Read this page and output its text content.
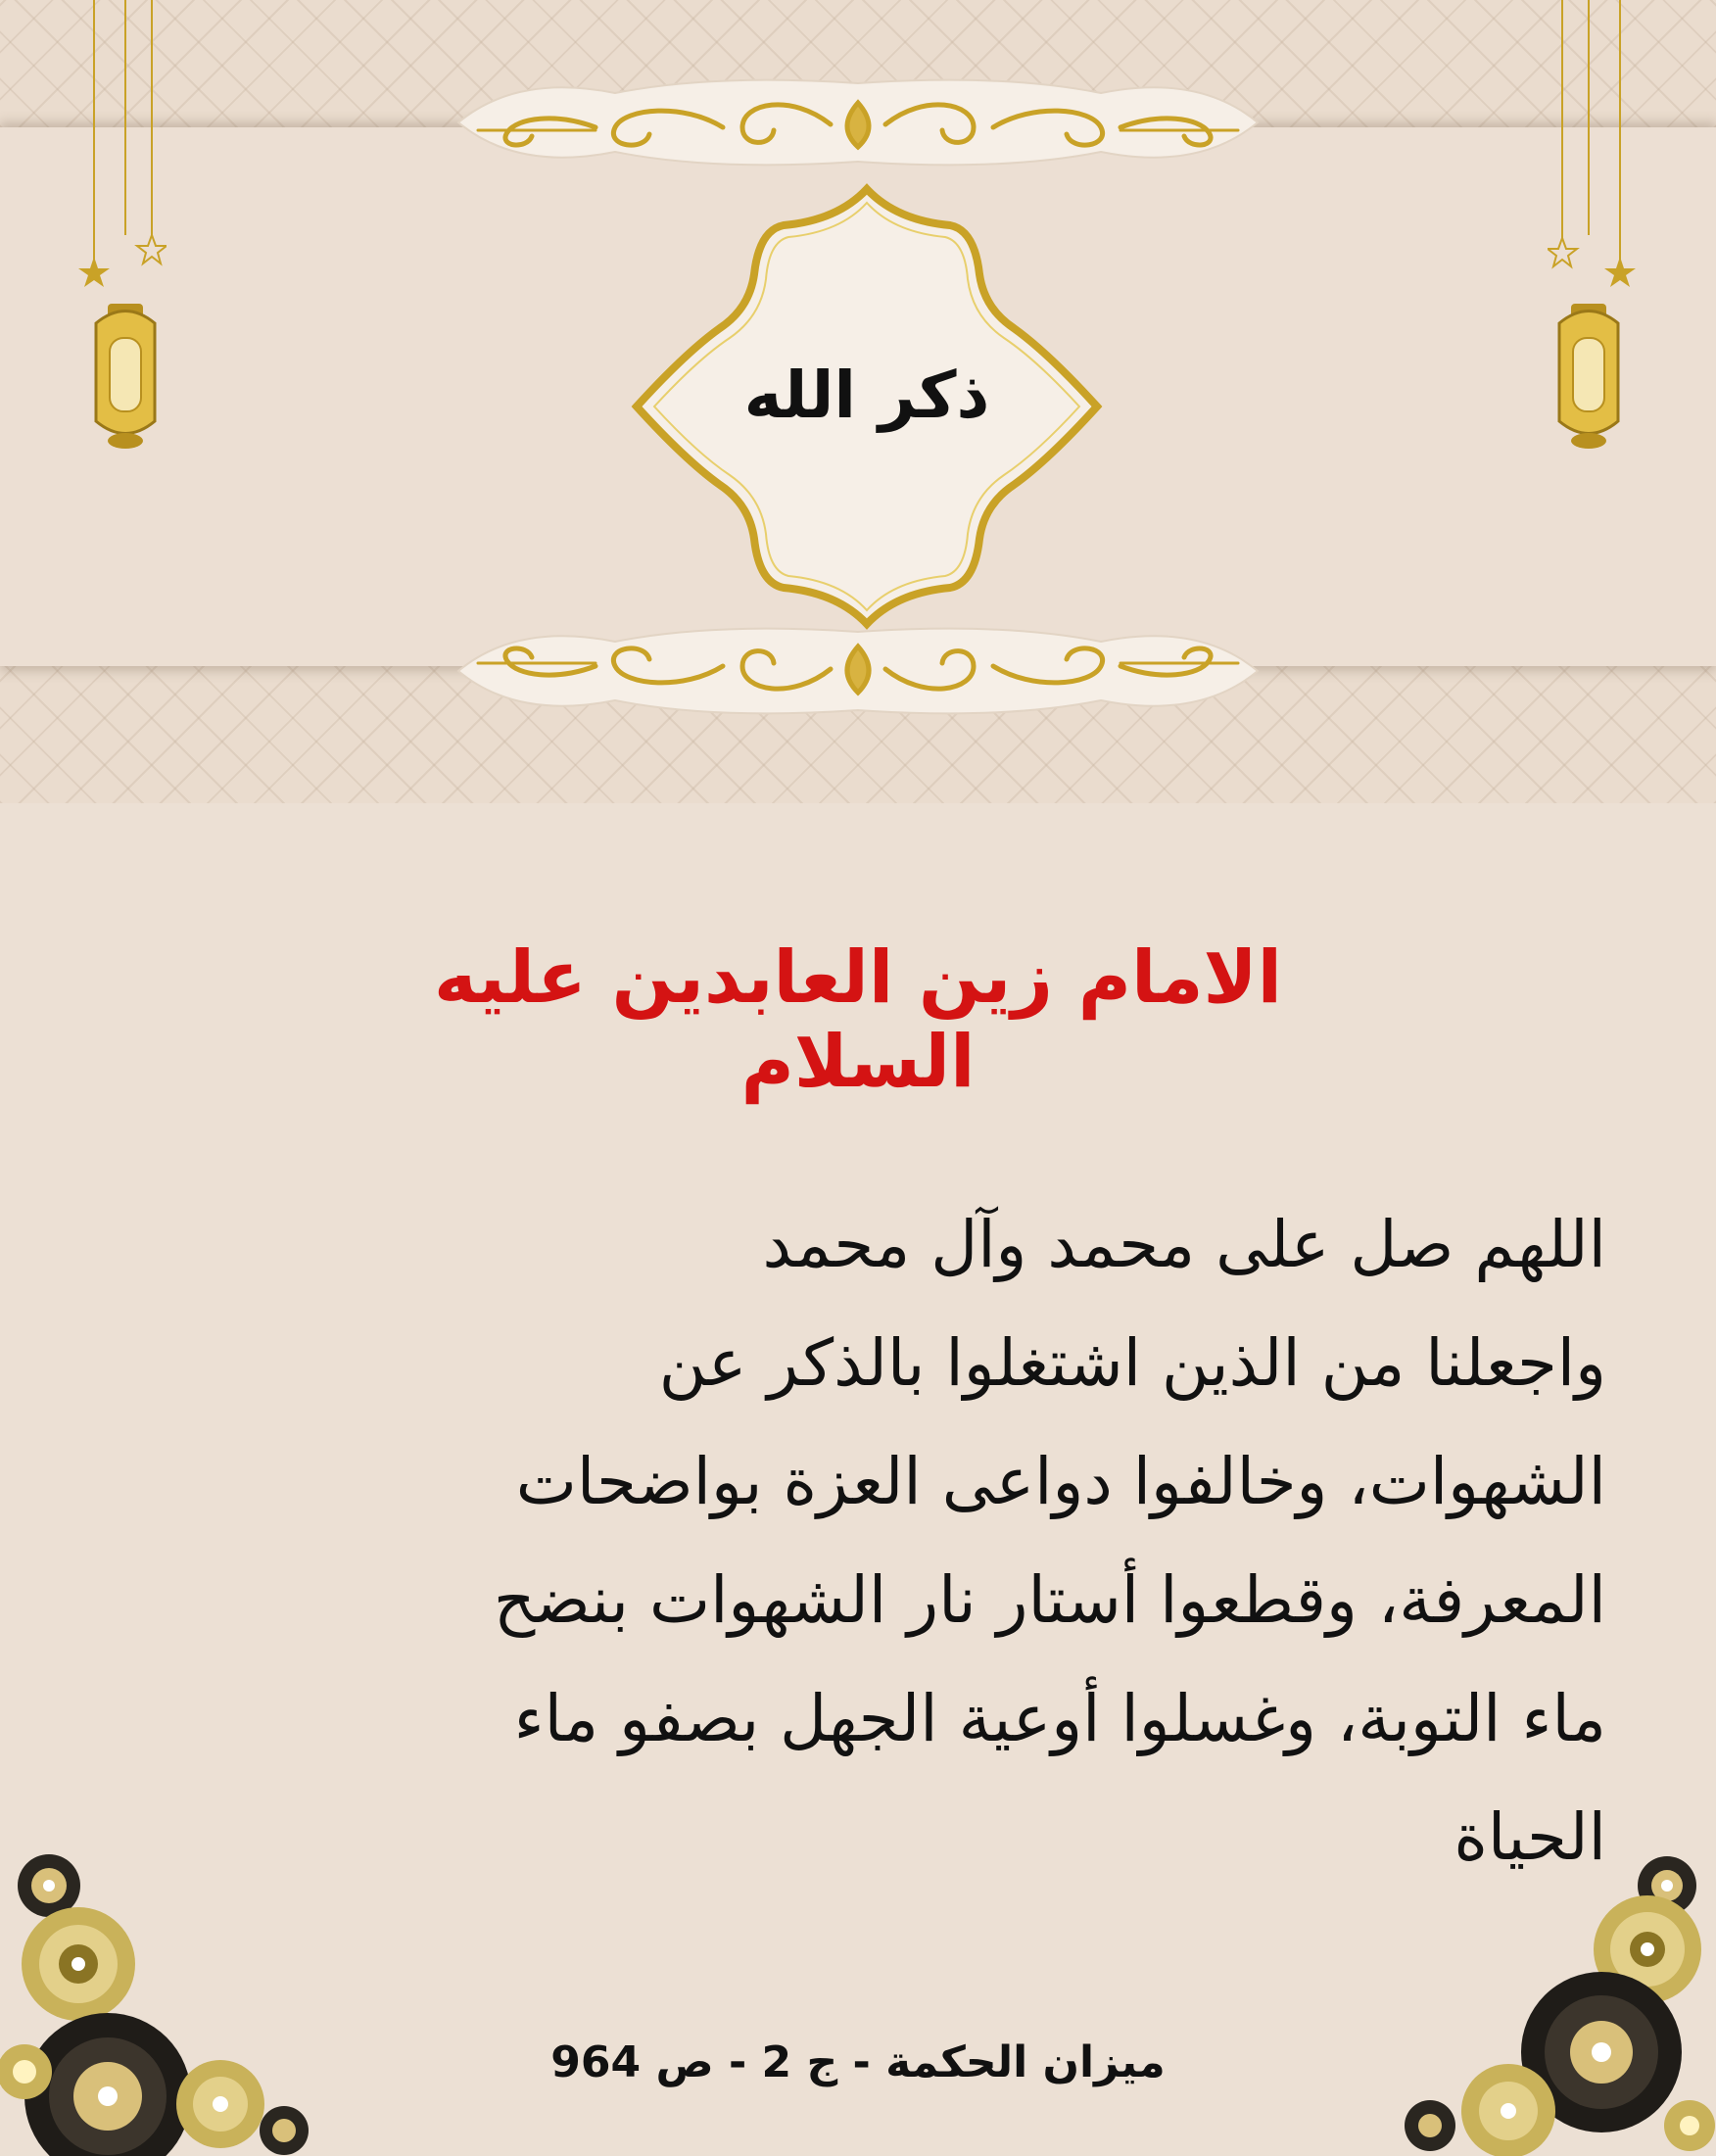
ذكر الله
الامام زين العابدين عليه السلام
اللهم صل على محمد وآل محمد
واجعلنا من الذين اشتغلوا بالذكر عن
الشهوات، وخالفوا دواعى العزة بواضحات
المعرفة، وقطعوا أستار نار الشهوات بنضح
ماء التوبة، وغسلوا أوعية الجهل بصفو ماء
الحياة
ميزان الحكمة - ج 2 - ص 964
